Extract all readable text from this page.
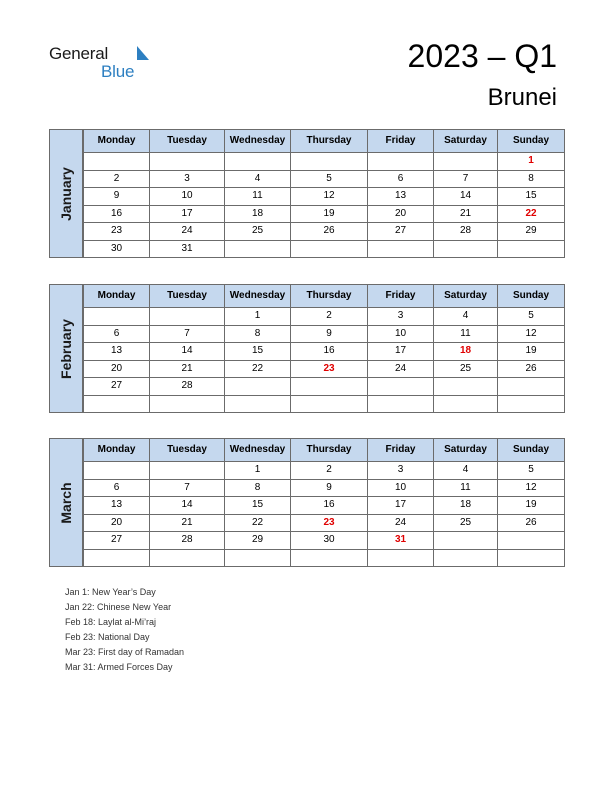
General
Blue	2023 – Q1
Brunei
January
Monday	Tuesday	Wednesday	Thursday	Friday	Saturday	Sunday
						1
2	3	4	5	6	7	8
9	10	11	12	13	14	15
16	17	18	19	20	21	22
23	24	25	26	27	28	29
30	31					
February
Monday	Tuesday	Wednesday	Thursday	Friday	Saturday	Sunday
		1	2	3	4	5
6	7	8	9	10	11	12
13	14	15	16	17	18	19
20	21	22	23	24	25	26
27	28					

March
Monday	Tuesday	Wednesday	Thursday	Friday	Saturday	Sunday
		1	2	3	4	5
6	7	8	9	10	11	12
13	14	15	16	17	18	19
20	21	22	23	24	25	26
27	28	29	30	31		

Jan 1: New Year’s Day
Jan 22: Chinese New Year
Feb 18: Laylat al-Mi’raj
Feb 23: National Day
Mar 23: First day of Ramadan
Mar 31: Armed Forces Day
